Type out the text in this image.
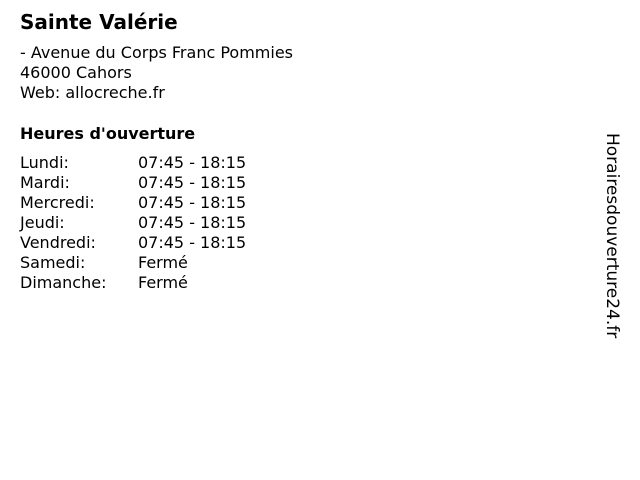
Sainte Valérie
- Avenue du Corps Franc Pommies
46000 Cahors
Web: allocreche.fr
Heures d'ouverture
Lundi:	07:45 - 18:15
Mardi:	07:45 - 18:15
Mercredi:	07:45 - 18:15
Jeudi:	07:45 - 18:15
Vendredi:	07:45 - 18:15
Samedi:	Fermé
Dimanche: Fermé	Horairesdouverture24.fr
